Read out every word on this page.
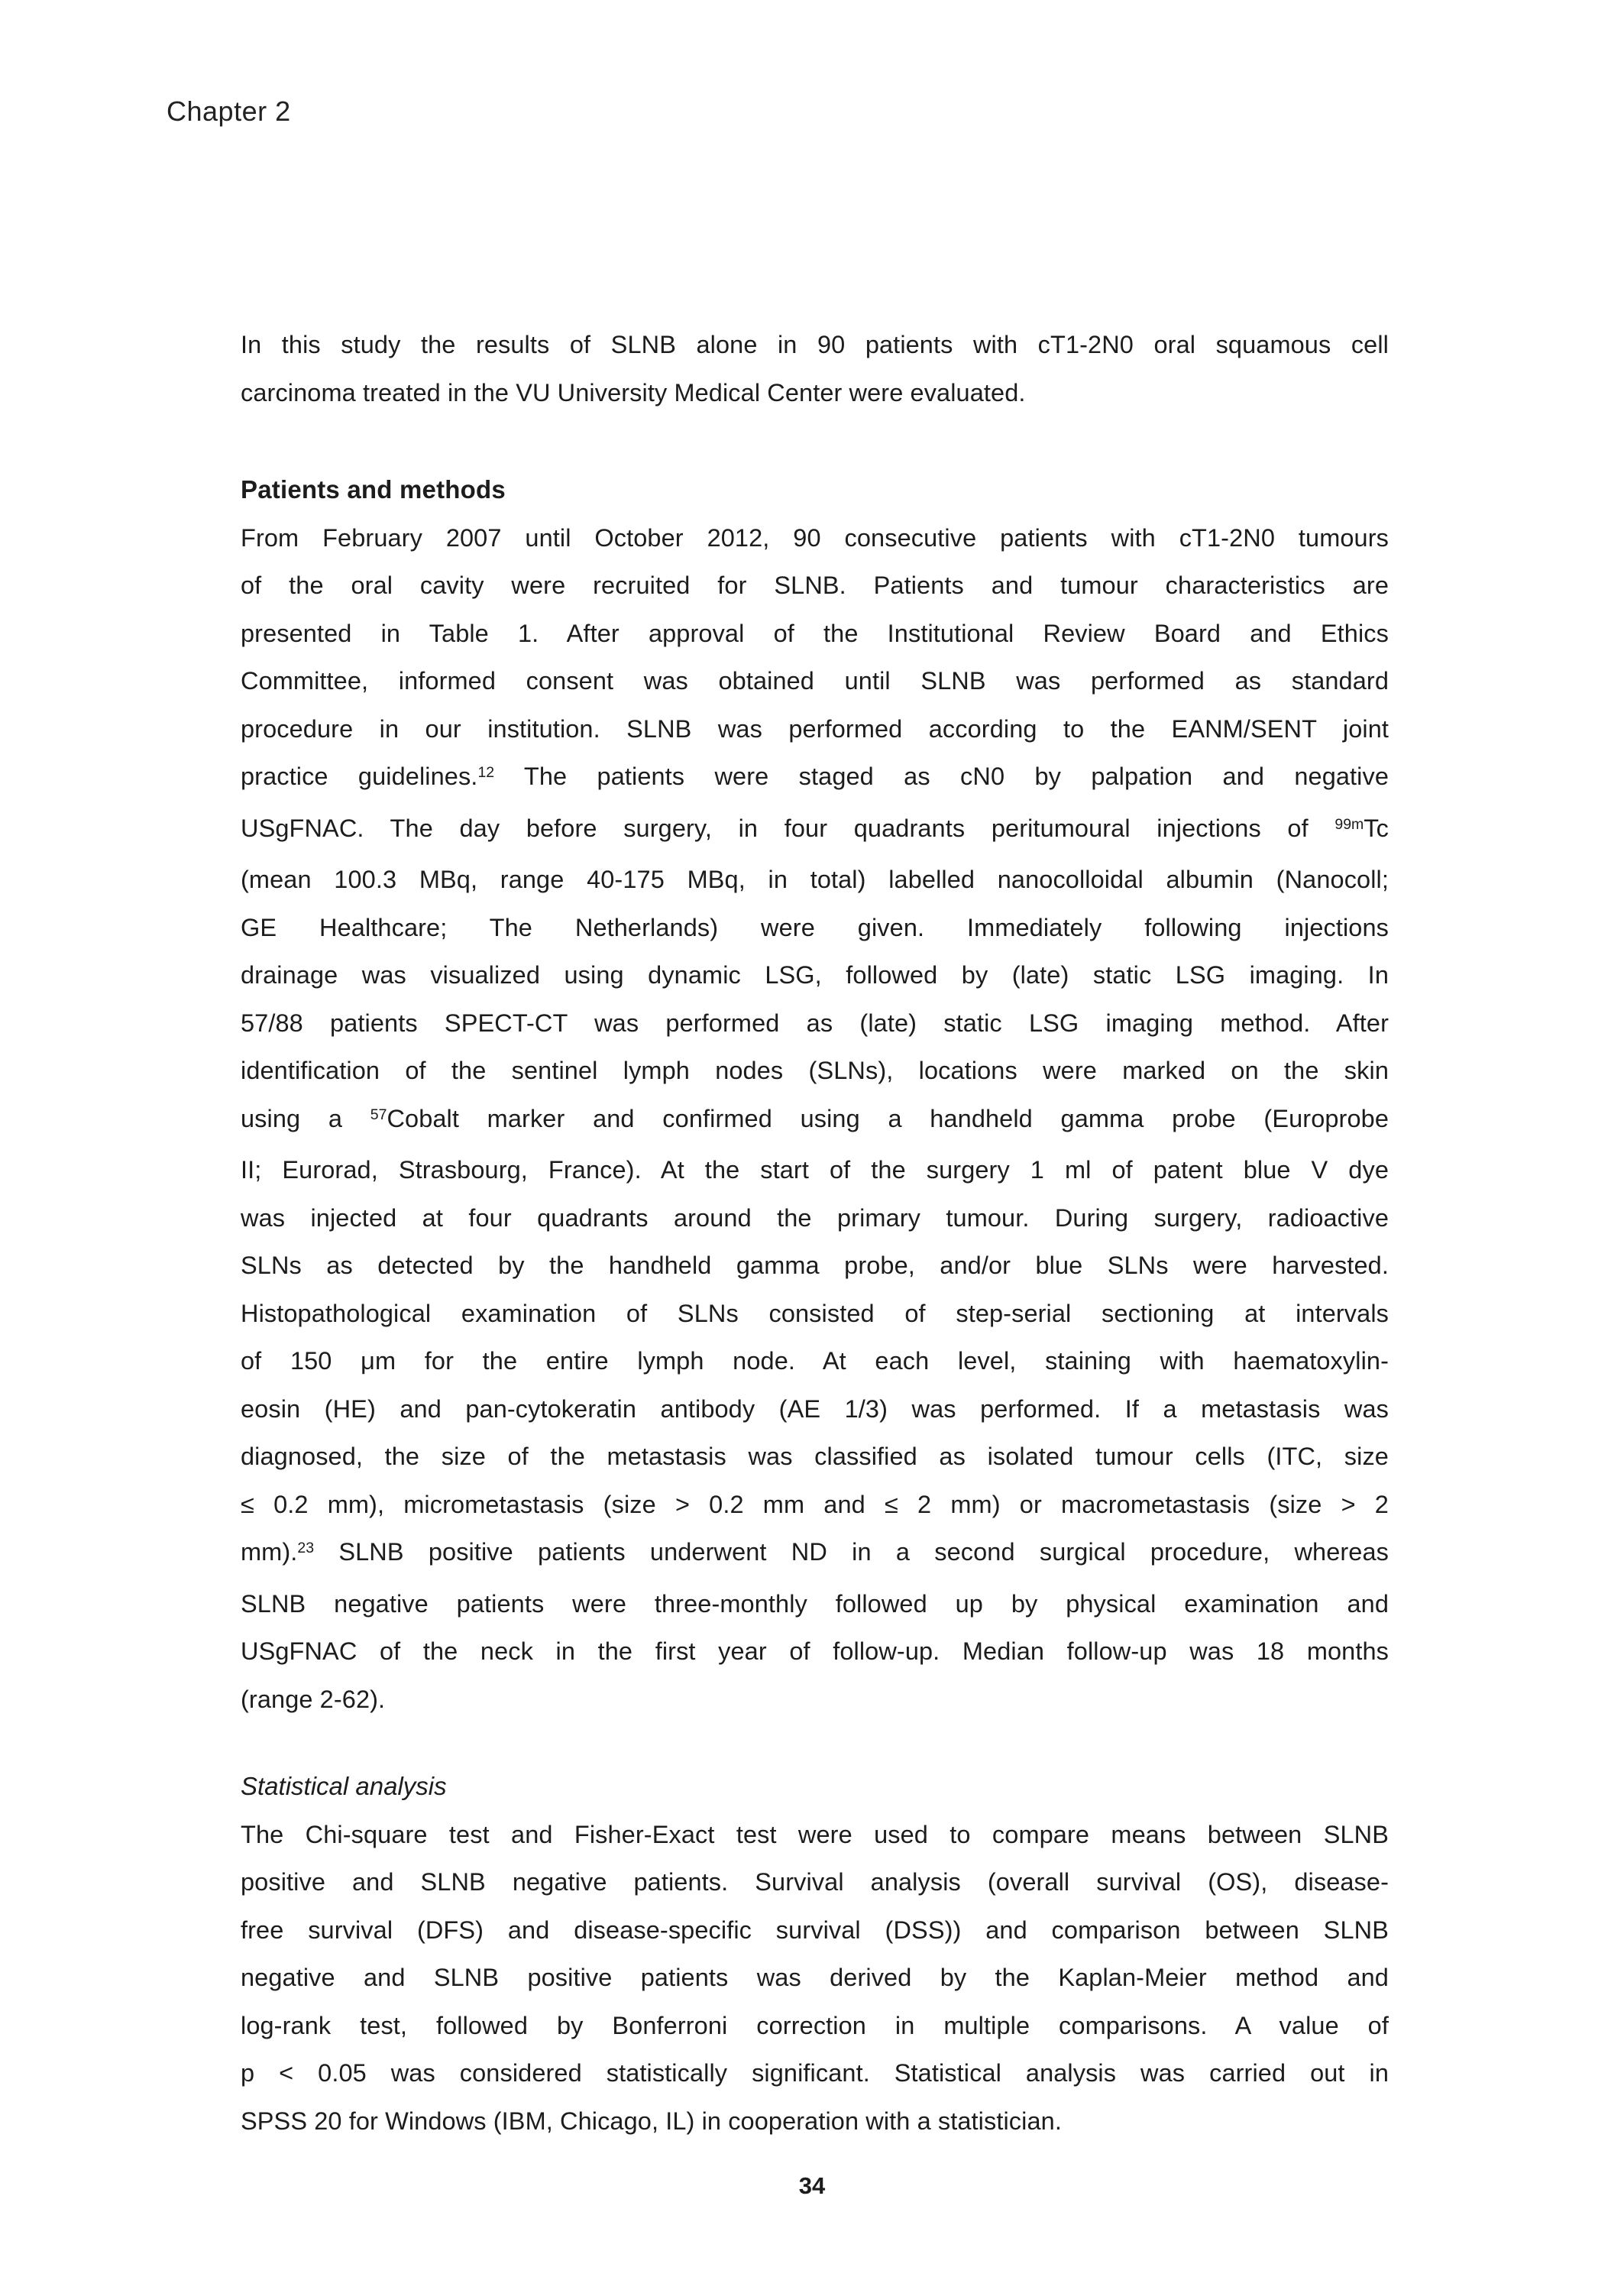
Chapter 2
In this study the results of SLNB alone in 90 patients with cT1-2N0 oral squamous cell
carcinoma treated in the VU University Medical Center were evaluated.
Patients and methods
From February 2007 until October 2012, 90 consecutive patients with cT1-2N0 tumours
of the oral cavity were recruited for SLNB. Patients and tumour characteristics are
presented in Table 1. After approval of the Institutional Review Board and Ethics
Committee, informed consent was obtained until SLNB was performed as standard
procedure in our institution. SLNB was performed according to the EANM/SENT joint
practice guidelines.$^{12}$ The patients were staged as cN0 by palpation and negative
USgFNAC. The day before surgery, in four quadrants peritumoural injections of $^{99m}$Tc
(mean 100.3 MBq, range 40-175 MBq, in total) labelled nanocolloidal albumin (Nanocoll;
GE Healthcare; The Netherlands) were given. Immediately following injections
drainage was visualized using dynamic LSG, followed by (late) static LSG imaging. In
57/88 patients SPECT-CT was performed as (late) static LSG imaging method. After
identification of the sentinel lymph nodes (SLNs), locations were marked on the skin
using a $^{57}$Cobalt marker and confirmed using a handheld gamma probe (Europrobe
II; Eurorad, Strasbourg, France). At the start of the surgery 1 ml of patent blue V dye
was injected at four quadrants around the primary tumour. During surgery, radioactive
SLNs as detected by the handheld gamma probe, and/or blue SLNs were harvested.
Histopathological examination of SLNs consisted of step-serial sectioning at intervals
of 150 μm for the entire lymph node. At each level, staining with haematoxylin-
eosin (HE) and pan-cytokeratin antibody (AE 1/3) was performed. If a metastasis was
diagnosed, the size of the metastasis was classified as isolated tumour cells (ITC, size
≤ 0.2 mm), micrometastasis (size > 0.2 mm and ≤ 2 mm) or macrometastasis (size > 2
mm).$^{23}$ SLNB positive patients underwent ND in a second surgical procedure, whereas
SLNB negative patients were three-monthly followed up by physical examination and
USgFNAC of the neck in the first year of follow-up. Median follow-up was 18 months
(range 2-62).
Statistical analysis
The Chi-square test and Fisher-Exact test were used to compare means between SLNB
positive and SLNB negative patients. Survival analysis (overall survival (OS), disease-
free survival (DFS) and disease-specific survival (DSS)) and comparison between SLNB
negative and SLNB positive patients was derived by the Kaplan-Meier method and
log-rank test, followed by Bonferroni correction in multiple comparisons. A value of
p < 0.05 was considered statistically significant. Statistical analysis was carried out in
SPSS 20 for Windows (IBM, Chicago, IL) in cooperation with a statistician.
34
